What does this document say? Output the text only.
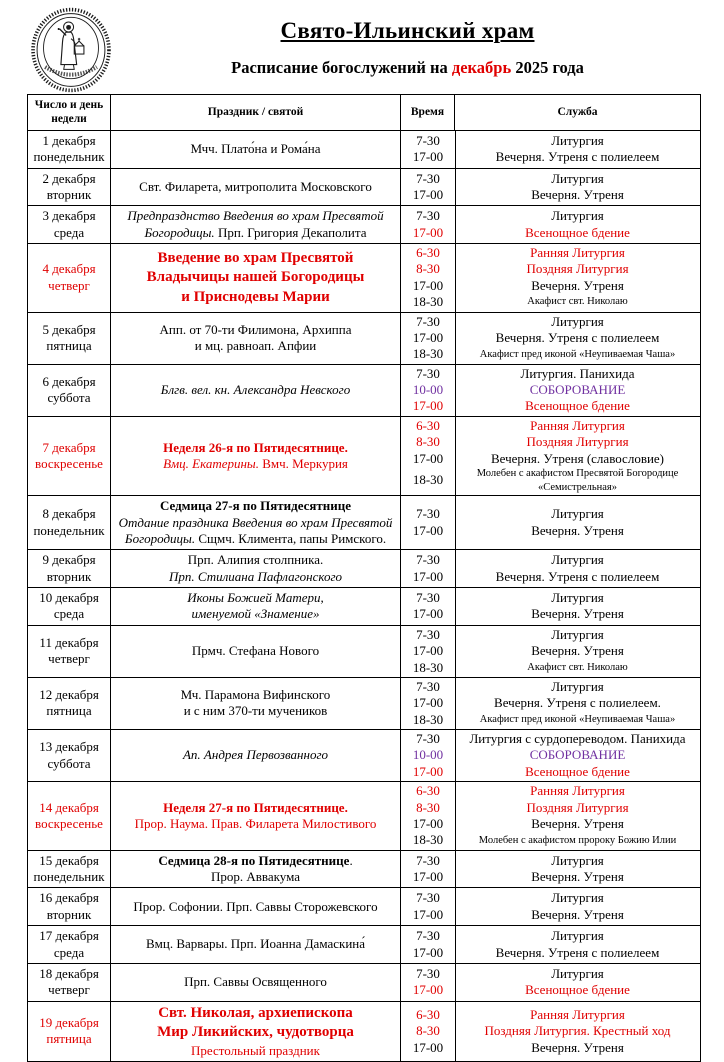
Свято-Ильинский храм
Расписание богослужений на декабрь 2025 года
Число и день недели	Праздник / святой	Время	Служба

1 декабря
понедельник

Мчч. Плато́на и Рома́на

7-30	Литургия
17-00	Вечерня. Утреня с полиелеем

2 декабря
вторник

Свт. Филарета, митрополита Московского

7-30	Литургия
17-00	Вечерня. Утреня

3 декабря
среда

Предпразднство Введения во храм Пресвятой
Богородицы. Прп. Григория Декаполита

7-30	Литургия
17-00	Всенощное бдение

4 декабря
четверг

Введение во храм Пресвятой
Владычицы нашей Богородицы
и Приснодевы Марии

6-30	Ранняя Литургия
8-30	Поздняя Литургия
17-00	Вечерня. Утреня
18-30	Акафист свт. Николаю

5 декабря
пятница

Апп. от 70-ти Филимона, Архиппа
и мц. равноап. Апфии

7-30	Литургия
17-00	Вечерня. Утреня с полиелеем
18-30	Акафист пред иконой «Неупиваемая Чаша»

6 декабря
суббота

Блгв. вел. кн. Александра Невского

7-30	Литургия. Панихида
10-00	СОБОРОВАНИЕ
17-00	Всенощное бдение

7 декабря
воскресенье

Неделя 26-я по Пятидесятнице.
Вмц. Екатерины. Вмч. Меркурия

6-30	Ранняя Литургия
8-30	Поздняя Литургия
17-00	Вечерня. Утреня (славословие)
18-30	Молебен с акафистом Пресвятой Богородице «Семистрельная»

8 декабря
понедельник

Седмица 27-я по Пятидесятнице
Отдание праздника Введения во храм Пресвятой
Богородицы. Сщмч. Климента, папы Римского.

7-30	Литургия
17-00	Вечерня. Утреня

9 декабря
вторник

Прп. Алипия столпника.
Прп. Стилиана Пафлагонского

7-30	Литургия
17-00	Вечерня. Утреня с полиелеем

10 декабря
среда

Иконы Божией Матери,
именуемой «Знамение»

7-30	Литургия
17-00	Вечерня. Утреня

11 декабря
четверг

Прмч. Стефана Нового

7-30	Литургия
17-00	Вечерня. Утреня
18-30	Акафист свт. Николаю

12 декабря
пятница

Мч. Парамона Вифинского
и с ним 370-ти мучеников

7-30	Литургия
17-00	Вечерня. Утреня с полиелеем.
18-30	Акафист пред иконой «Неупиваемая Чаша»

13 декабря
суббота

Ап. Андрея Первозванного

7-30	Литургия с сурдопереводом. Панихида
10-00	СОБОРОВАНИЕ
17-00	Всенощное бдение

14 декабря
воскресенье

Неделя 27-я по Пятидесятнице.
Прор. Наума. Прав. Филарета Милостивого

6-30	Ранняя Литургия
8-30	Поздняя Литургия
17-00	Вечерня. Утреня
18-30	Молебен с акафистом пророку Божию Илии

15 декабря
понедельник

Седмица 28-я по Пятидесятнице.
Прор. Аввакума

7-30	Литургия
17-00	Вечерня. Утреня

16 декабря
вторник

Прор. Софонии. Прп. Саввы Сторожевского

7-30	Литургия
17-00	Вечерня. Утреня

17 декабря
среда

Вмц. Варвары. Прп. Иоанна Дамаскина́

7-30	Литургия
17-00	Вечерня. Утреня с полиелеем

18 декабря
четверг

Прп. Саввы Освященного

7-30	Литургия
17-00	Всенощное бдение

19 декабря
пятница

Свт. Николая, архиепископа
Мир Ликийских, чудотворца
Престольный праздник

6-30	Ранняя Литургия
8-30	Поздняя Литургия. Крестный ход
17-00	Вечерня. Утреня
